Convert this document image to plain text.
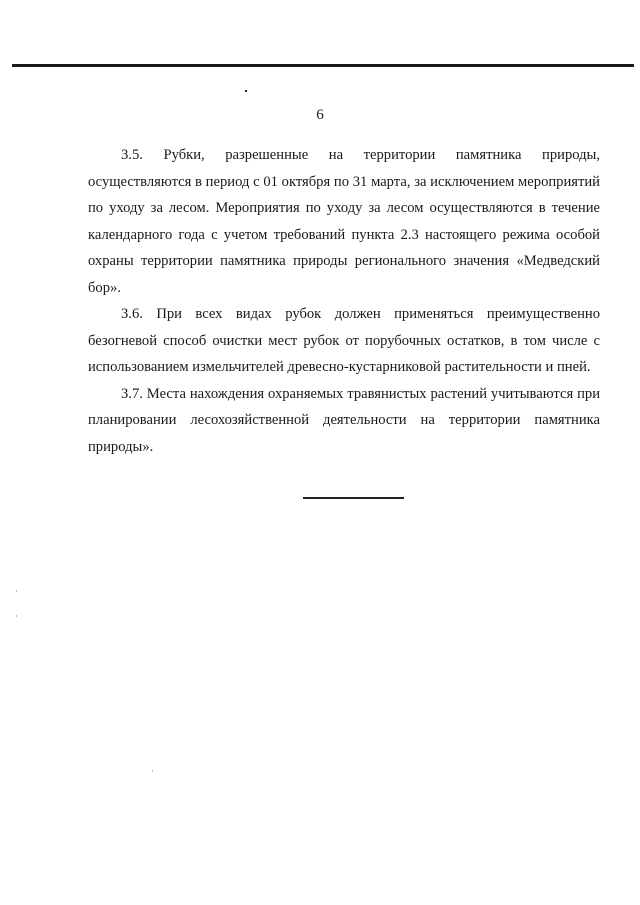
6

3.5. Рубки, разрешенные на территории памятника природы, осуществляются в период с 01 октября по 31 марта, за исключением мероприятий по уходу за лесом. Мероприятия по уходу за лесом осуществляются в течение календарного года с учетом требований пункта 2.3 настоящего режима особой охраны территории памятника природы регионального значения «Медведский бор».

3.6. При всех видах рубок должен применяться преимущественно безогневой способ очистки мест рубок от порубочных остатков, в том числе с использованием измельчителей древесно-кустарниковой растительности и пней.

3.7. Места нахождения охраняемых травянистых растений учитываются при планировании лесохозяйственной деятельности на территории памятника природы».
